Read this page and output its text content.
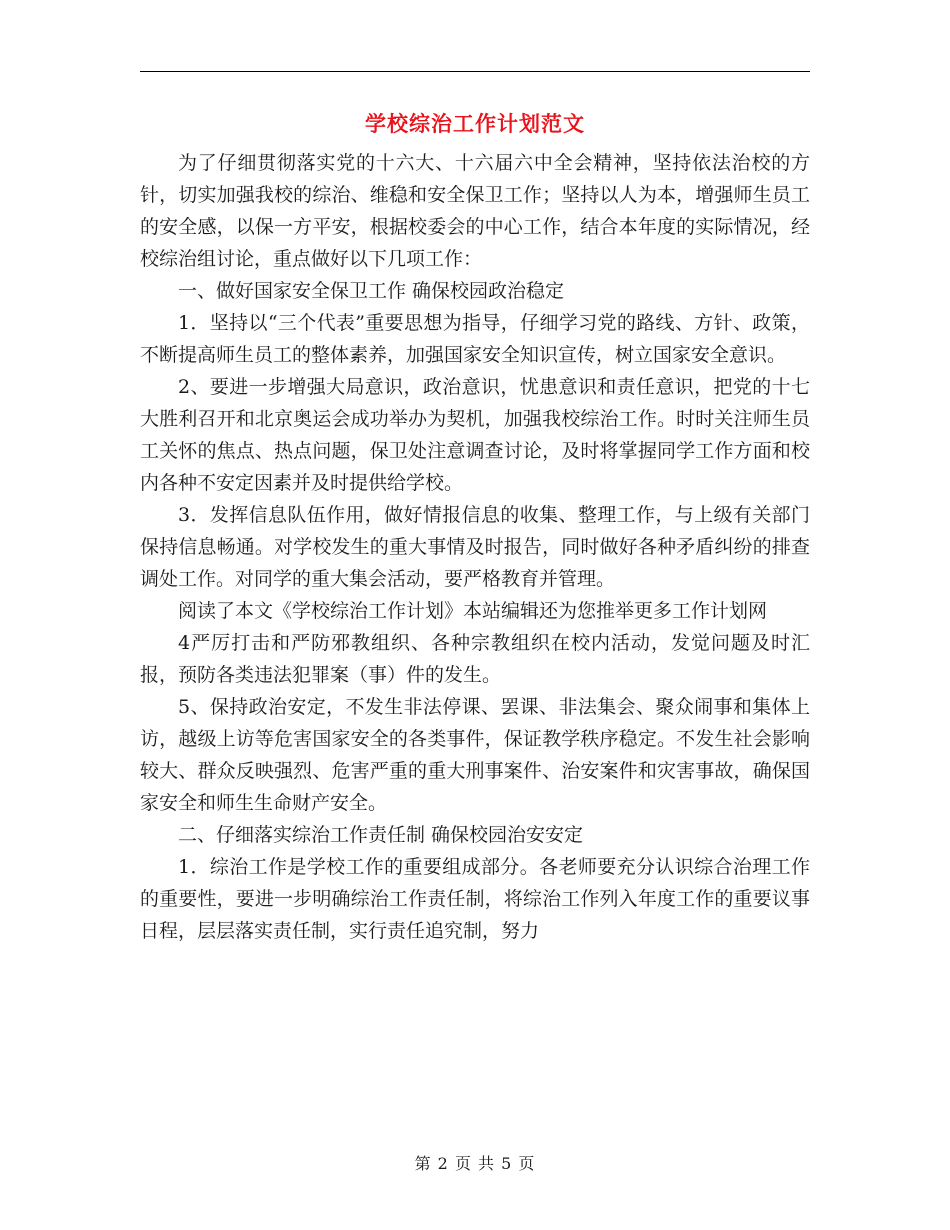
学校综治工作计划范文

为了仔细贯彻落实党的十六大、十六届六中全会精神，坚持依法治校的方针，切实加强我校的综治、维稳和安全保卫工作；坚持以人为本，增强师生员工的安全感，以保一方平安，根据校委会的中心工作，结合本年度的实际情况，经校综治组讨论，重点做好以下几项工作：

一、做好国家安全保卫工作 确保校园政治稳定

1．坚持以“三个代表”重要思想为指导，仔细学习党的路线、方针、政策，不断提高师生员工的整体素养，加强国家安全知识宣传，树立国家安全意识。

2、要进一步增强大局意识，政治意识，忧患意识和责任意识，把党的十七大胜利召开和北京奥运会成功举办为契机，加强我校综治工作。时时关注师生员工关怀的焦点、热点问题，保卫处注意调查讨论，及时将掌握同学工作方面和校内各种不安定因素并及时提供给学校。

3．发挥信息队伍作用，做好情报信息的收集、整理工作，与上级有关部门保持信息畅通。对学校发生的重大事情及时报告，同时做好各种矛盾纠纷的排查调处工作。对同学的重大集会活动，要严格教育并管理。

阅读了本文《学校综治工作计划》本站编辑还为您推举更多工作计划网

4严厉打击和严防邪教组织、各种宗教组织在校内活动，发觉问题及时汇报，预防各类违法犯罪案（事）件的发生。

5、保持政治安定，不发生非法停课、罢课、非法集会、聚众闹事和集体上访，越级上访等危害国家安全的各类事件，保证教学秩序稳定。不发生社会影响较大、群众反映强烈、危害严重的重大刑事案件、治安案件和灾害事故，确保国家安全和师生生命财产安全。

二、仔细落实综治工作责任制 确保校园治安安定

1．综治工作是学校工作的重要组成部分。各老师要充分认识综合治理工作的重要性，要进一步明确综治工作责任制，将综治工作列入年度工作的重要议事日程，层层落实责任制，实行责任追究制，努力

第 2 页 共 5 页
